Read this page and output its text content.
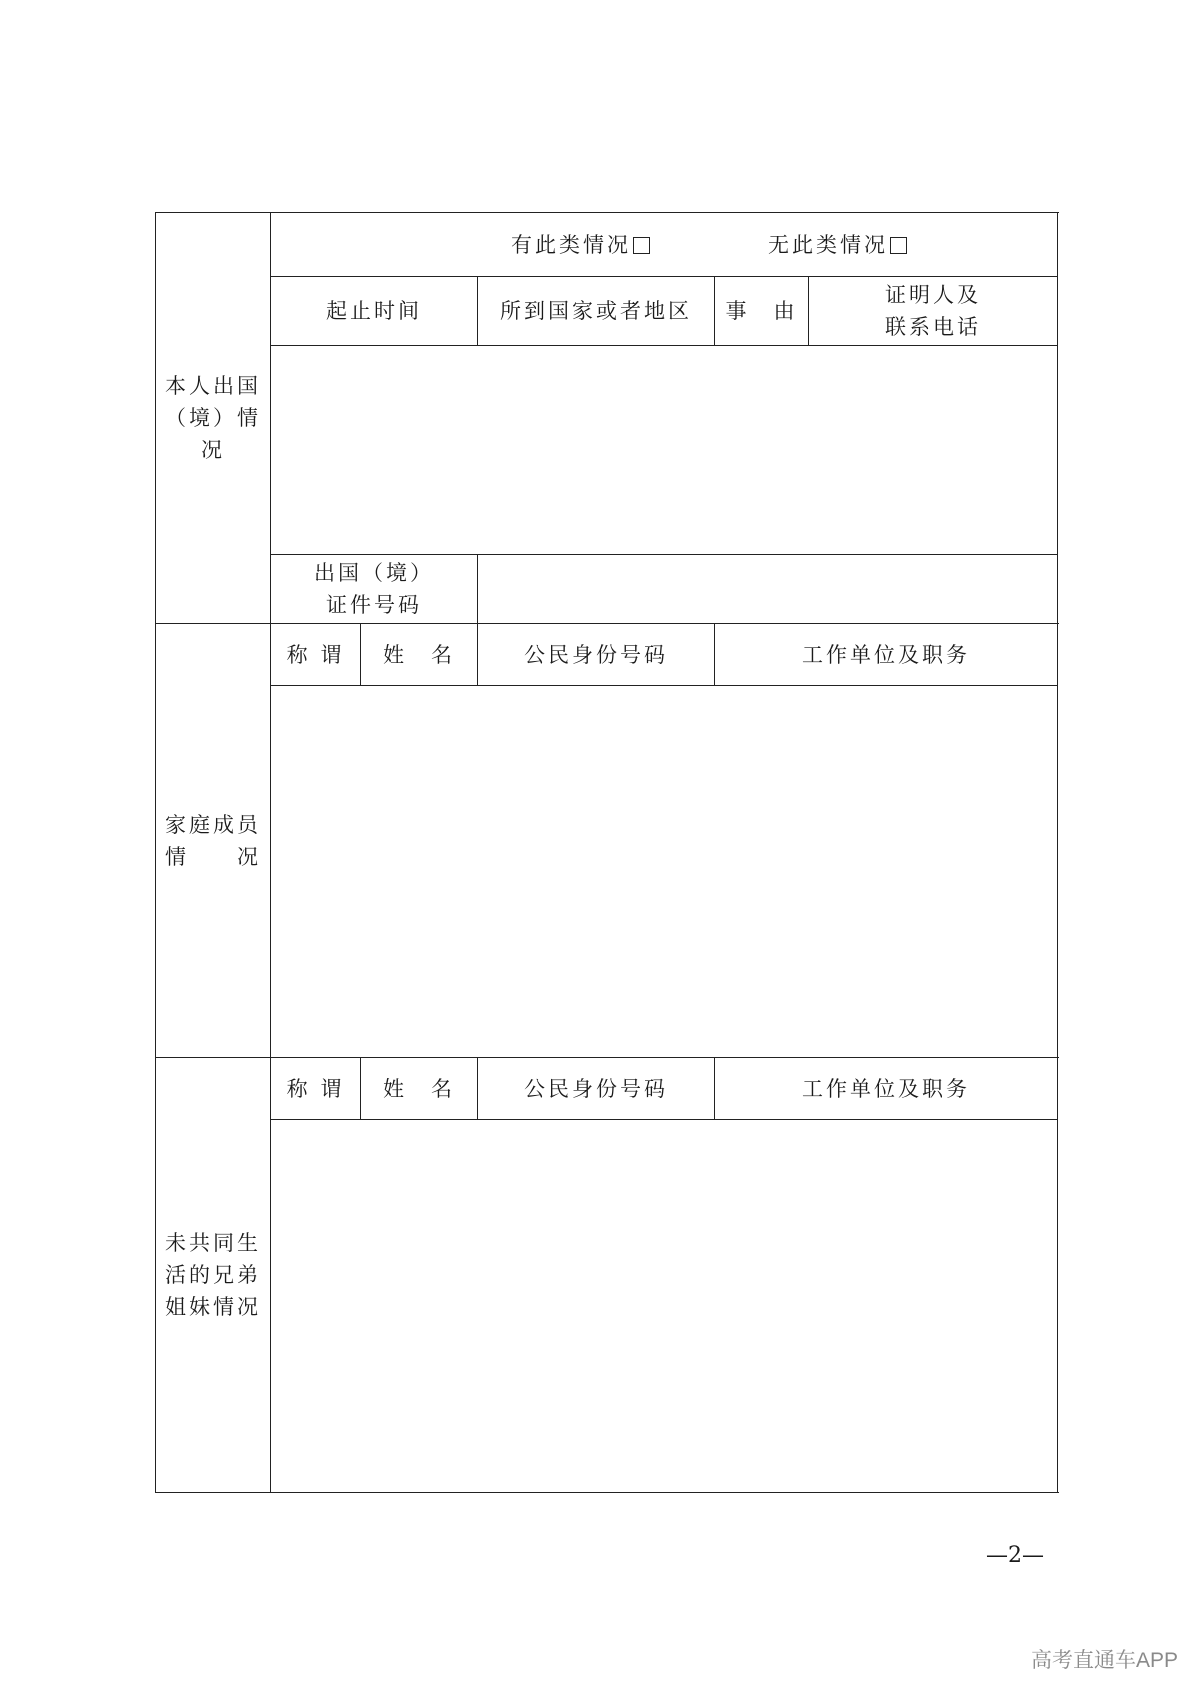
本人出国
（境）情况
有此类情况	无此类情况
起止时间	所到国家或者地区	事　由
证明人及
联系电话
出国（境）
证件号码
家庭成员
情　　况
称 谓	姓　名	公民身份号码	工作单位及职务
未共同生
活的兄弟
姐妹情况
称 谓	姓　名	公民身份号码	工作单位及职务
—2—
高考直通车APP
